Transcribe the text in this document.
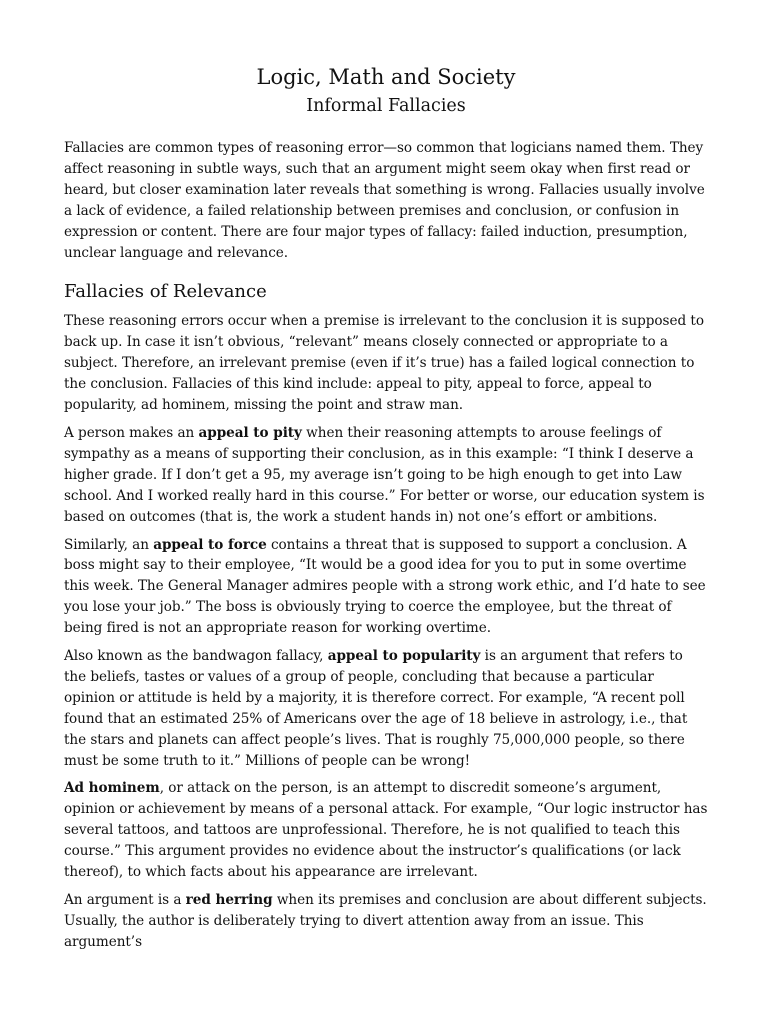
Logic, Math and Society
Informal Fallacies

Fallacies are common types of reasoning error—so common that logicians named them. They affect reasoning in subtle ways, such that an argument might seem okay when first read or heard, but closer examination later reveals that something is wrong. Fallacies usually involve a lack of evidence, a failed relationship between premises and conclusion, or confusion in expression or content. There are four major types of fallacy: failed induction, presumption, unclear language and relevance.

Fallacies of Relevance

These reasoning errors occur when a premise is irrelevant to the conclusion it is supposed to back up. In case it isn’t obvious, “relevant” means closely connected or appropriate to a subject. Therefore, an irrelevant premise (even if it’s true) has a failed logical connection to the conclusion. Fallacies of this kind include: appeal to pity, appeal to force, appeal to popularity, ad hominem, missing the point and straw man.

A person makes an appeal to pity when their reasoning attempts to arouse feelings of sympathy as a means of supporting their conclusion, as in this example: “I think I deserve a higher grade. If I don’t get a 95, my average isn’t going to be high enough to get into Law school. And I worked really hard in this course.” For better or worse, our education system is based on outcomes (that is, the work a student hands in) not one’s effort or ambitions.

Similarly, an appeal to force contains a threat that is supposed to support a conclusion. A boss might say to their employee, “It would be a good idea for you to put in some overtime this week. The General Manager admires people with a strong work ethic, and I’d hate to see you lose your job.” The boss is obviously trying to coerce the employee, but the threat of being fired is not an appropriate reason for working overtime.

Also known as the bandwagon fallacy, appeal to popularity is an argument that refers to the beliefs, tastes or values of a group of people, concluding that because a particular opinion or attitude is held by a majority, it is therefore correct. For example, “A recent poll found that an estimated 25% of Americans over the age of 18 believe in astrology, i.e., that the stars and planets can affect people’s lives. That is roughly 75,000,000 people, so there must be some truth to it.” Millions of people can be wrong!

Ad hominem, or attack on the person, is an attempt to discredit someone’s argument, opinion or achievement by means of a personal attack. For example, “Our logic instructor has several tattoos, and tattoos are unprofessional. Therefore, he is not qualified to teach this course.” This argument provides no evidence about the instructor’s qualifications (or lack thereof), to which facts about his appearance are irrelevant.

An argument is a red herring when its premises and conclusion are about different subjects. Usually, the author is deliberately trying to divert attention away from an issue. This argument’s
